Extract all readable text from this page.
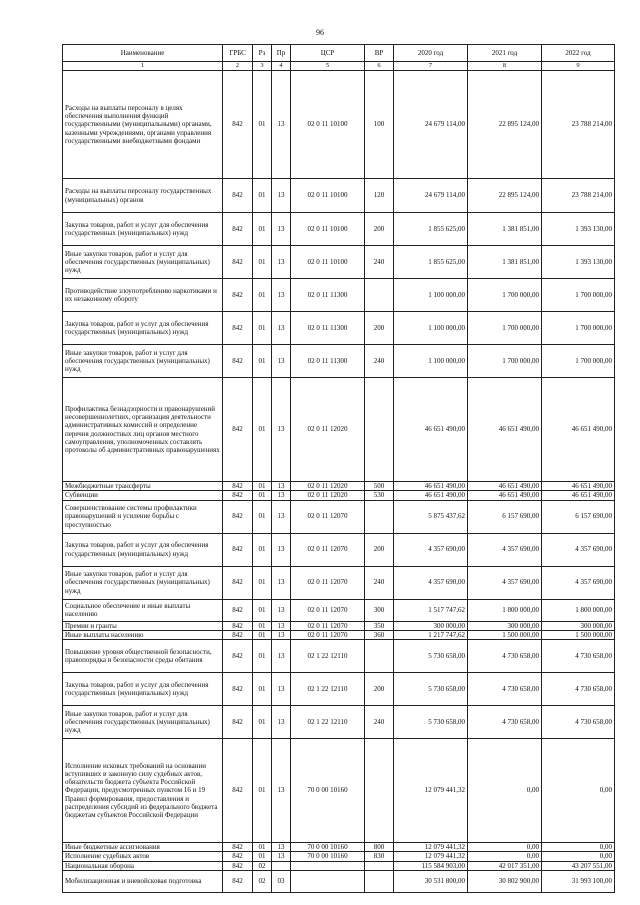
96
Наименование	ГРБС	Рз	Пр	ЦСР	ВР	2020 год	2021 год	2022 год
1	2	3	4	5	6	7	8	9
Расходы на выплаты персоналу в целях обеспечения выполнения функций государственными (муниципальными) органами, казенными учреждениями, органами управления государственными внебюджетными фондами	842	01	13	02 0 11 10100	100	24 679 114,00	22 895 124,00	23 788 214,00
Расходы на выплаты персоналу государственных (муниципальных) органов	842	01	13	02 0 11 10100	120	24 679 114,00	22 895 124,00	23 788 214,00
Закупка товаров, работ и услуг для обеспечения государственных (муниципальных) нужд	842	01	13	02 0 11 10100	200	1 855 625,00	1 381 851,00	1 393 130,00
Иные закупки товаров, работ и услуг для обеспечения государственных (муниципальных) нужд	842	01	13	02 0 11 10100	240	1 855 625,00	1 381 851,00	1 393 130,00
Противодействие злоупотреблению наркотиками и их незаконному обороту	842	01	13	02 0 11 11300		1 100 000,00	1 700 000,00	1 700 000,00
Закупка товаров, работ и услуг для обеспечения государственных (муниципальных) нужд	842	01	13	02 0 11 11300	200	1 100 000,00	1 700 000,00	1 700 000,00
Иные закупки товаров, работ и услуг для обеспечения государственных (муниципальных) нужд	842	01	13	02 0 11 11300	240	1 100 000,00	1 700 000,00	1 700 000,00
Профилактика безнадзорности и правонарушений несовершеннолетних, организация деятельности административных комиссий и определение перечня должностных лиц органов местного самоуправления, уполномоченных составлять протоколы об административных правонарушениях	842	01	13	02 0 11 12020		46 651 490,00	46 651 490,00	46 651 490,00
Межбюджетные трансферты	842	01	13	02 0 11 12020	500	46 651 490,00	46 651 490,00	46 651 490,00
Субвенции	842	01	13	02 0 11 12020	530	46 651 490,00	46 651 490,00	46 651 490,00
Совершенствование системы профилактики правонарушений и усиление борьбы с преступностью	842	01	13	02 0 11 12070		5 875 437,62	6 157 690,00	6 157 690,00
Закупка товаров, работ и услуг для обеспечения государственных (муниципальных) нужд	842	01	13	02 0 11 12070	200	4 357 690,00	4 357 690,00	4 357 690,00
Иные закупки товаров, работ и услуг для обеспечения государственных (муниципальных) нужд	842	01	13	02 0 11 12070	240	4 357 690,00	4 357 690,00	4 357 690,00
Социальное обеспечение и иные выплаты населению	842	01	13	02 0 11 12070	300	1 517 747,62	1 800 000,00	1 800 000,00
Премии и гранты	842	01	13	02 0 11 12070	350	300 000,00	300 000,00	300 000,00
Иные выплаты населению	842	01	13	02 0 11 12070	360	1 217 747,62	1 500 000,00	1 500 000,00
Повышение уровня общественной безопасности, правопорядка и безопасности среды обитания	842	01	13	02 1 22 12110		5 730 658,00	4 730 658,00	4 730 658,00
Закупка товаров, работ и услуг для обеспечения государственных (муниципальных) нужд	842	01	13	02 1 22 12110	200	5 730 658,00	4 730 658,00	4 730 658,00
Иные закупки товаров, работ и услуг для обеспечения государственных (муниципальных) нужд	842	01	13	02 1 22 12110	240	5 730 658,00	4 730 658,00	4 730 658,00
Исполнение исковых требований на основании вступивших в законную силу судебных актов, обязательств бюджета субъекта Российской Федерации, предусмотренных пунктом 16 и 19 Правил формирования, предоставления и распределения субсидий из федерального бюджета бюджетам субъектов Российской Федерации	842	01	13	70 0 00 10160		12 079 441,32	0,00	0,00
Иные бюджетные ассигнования	842	01	13	70 0 00 10160	800	12 079 441,32	0,00	0,00
Исполнение судебных актов	842	01	13	70 0 00 10160	830	12 079 441,32	0,00	0,00
Национальная оборона	842	02				115 584 903,00	42 017 351,00	43 207 551,00
Мобилизационная и вневойсковая подготовка	842	02	03			30 531 800,00	30 802 900,00	31 993 100,00
